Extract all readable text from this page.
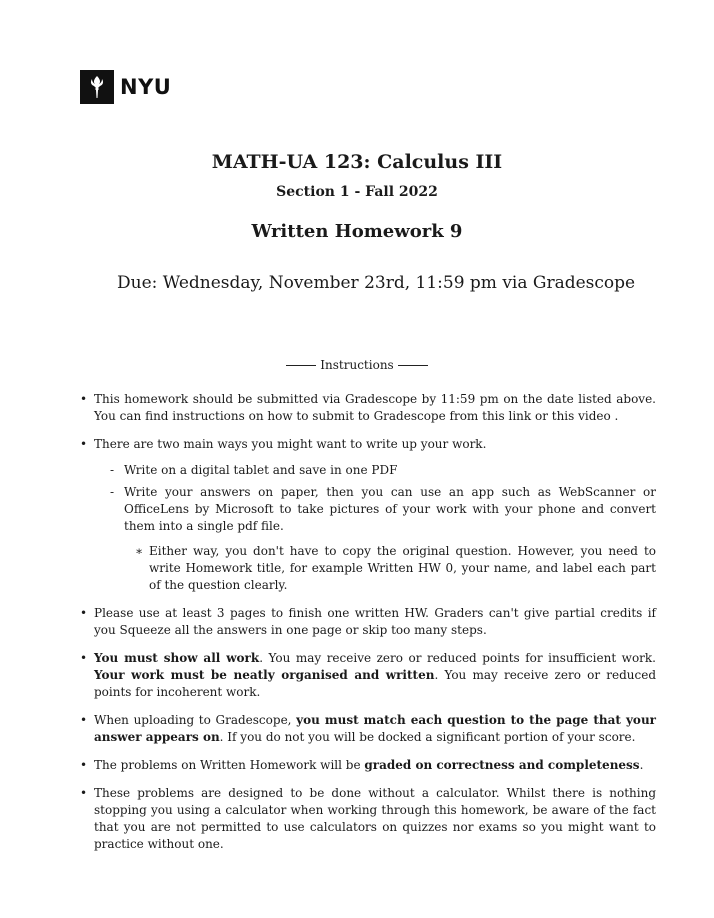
NYU
MATH-UA 123: Calculus III
Section 1 - Fall 2022
Written Homework 9
Due: Wednesday, November 23rd, 11:59 pm via Gradescope
Instructions
• This homework should be submitted via Gradescope by 11:59 pm on the date listed above. You can find instructions on how to submit to Gradescope from this link or this video .
• There are two main ways you might want to write up your work.
- Write on a digital tablet and save in one PDF
- Write your answers on paper, then you can use an app such as WebScanner or OfficeLens by Microsoft to take pictures of your work with your phone and convert them into a single pdf file.
∗ Either way, you don't have to copy the original question. However, you need to write Homework title, for example Written HW 0, your name, and label each part of the question clearly.
• Please use at least 3 pages to finish one written HW. Graders can't give partial credits if you Squeeze all the answers in one page or skip too many steps.
• You must show all work. You may receive zero or reduced points for insufficient work. Your work must be neatly organised and written. You may receive zero or reduced points for incoherent work.
• When uploading to Gradescope, you must match each question to the page that your answer appears on. If you do not you will be docked a significant portion of your score.
• The problems on Written Homework will be graded on correctness and completeness.
• These problems are designed to be done without a calculator. Whilst there is nothing stopping you using a calculator when working through this homework, be aware of the fact that you are not permitted to use calculators on quizzes nor exams so you might want to practice without one.
